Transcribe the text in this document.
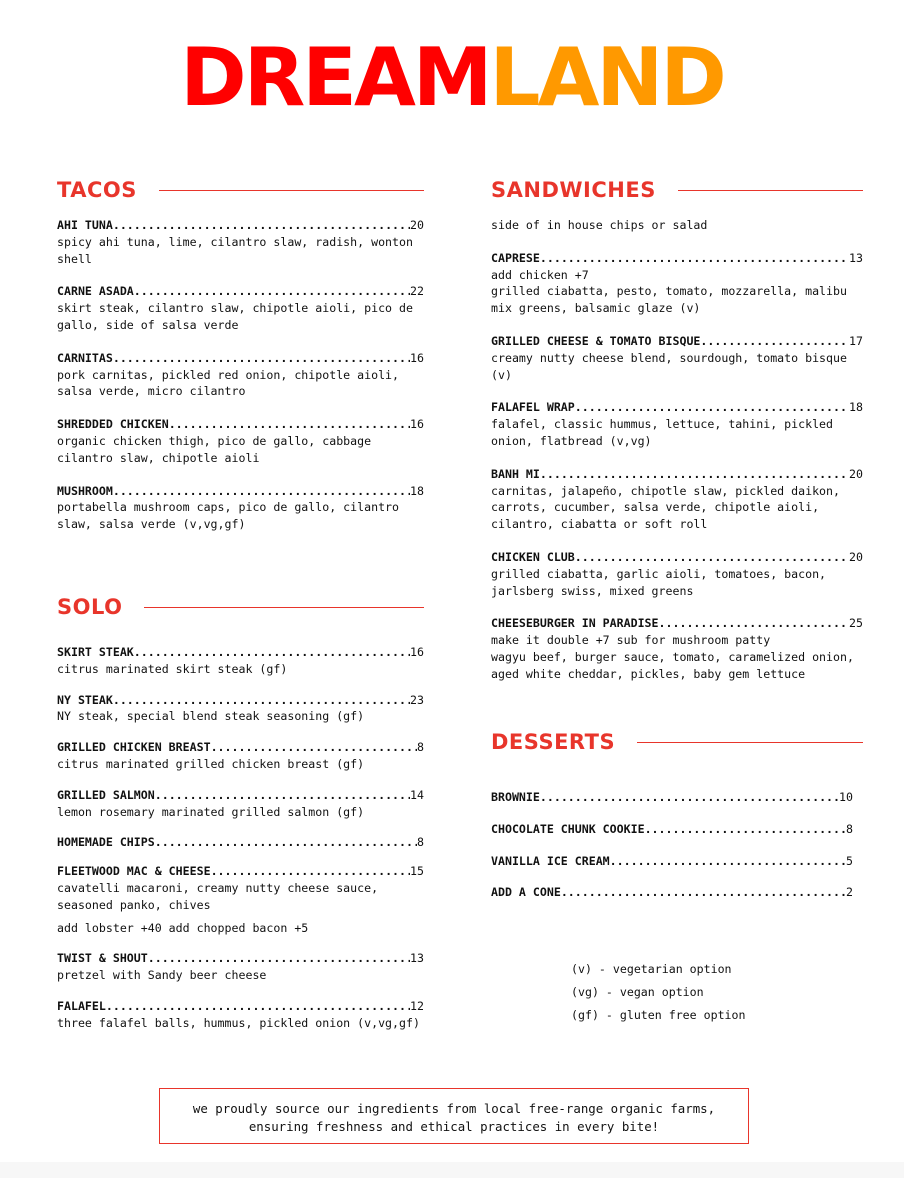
DREAMLAND
TACOS
AHI TUNA .....	20
spicy ahi tuna, lime, cilantro slaw, radish, wonton shell
CARNE ASADA .....	22
skirt steak, cilantro slaw, chipotle aioli, pico de gallo, side of salsa verde
CARNITAS .....	16
pork carnitas, pickled red onion, chipotle aioli, salsa verde, micro cilantro
SHREDDED CHICKEN .....	16
organic chicken thigh, pico de gallo, cabbage cilantro slaw, chipotle aioli
MUSHROOM .....	18
portabella mushroom caps, pico de gallo, cilantro slaw, salsa verde (v,vg,gf)
SOLO
SKIRT STEAK .....	16
citrus marinated skirt steak (gf)
NY STEAK .....	23
NY steak, special blend steak seasoning (gf)
GRILLED CHICKEN BREAST .....	8
citrus marinated grilled chicken breast (gf)
GRILLED SALMON .....	14
lemon rosemary marinated grilled salmon (gf)
HOMEMADE CHIPS .....	8
FLEETWOOD MAC & CHEESE .....	15
cavatelli macaroni, creamy nutty cheese sauce, seasoned panko, chives
add lobster +40 add chopped bacon +5
TWIST & SHOUT .....	13
pretzel with Sandy beer cheese
FALAFEL .....	12
three falafel balls, hummus, pickled onion (v,vg,gf)
SANDWICHES
side of in house chips or salad
CAPRESE .....	13
add chicken +7
grilled ciabatta, pesto, tomato, mozzarella, malibu mix greens, balsamic glaze (v)
GRILLED CHEESE & TOMATO BISQUE .....	17
creamy nutty cheese blend, sourdough, tomato bisque (v)
FALAFEL WRAP .....	18
falafel, classic hummus, lettuce, tahini, pickled onion, flatbread (v,vg)
BANH MI .....	20
carnitas, jalapeño, chipotle slaw, pickled daikon, carrots, cucumber, salsa verde, chipotle aioli, cilantro, ciabatta or soft roll
CHICKEN CLUB .....	20
grilled ciabatta, garlic aioli, tomatoes, bacon, jarlsberg swiss, mixed greens
CHEESEBURGER IN PARADISE .....	25
make it double +7 sub for mushroom patty
wagyu beef, burger sauce, tomato, caramelized onion, aged white cheddar, pickles, baby gem lettuce
DESSERTS
BROWNIE .....	10
CHOCOLATE CHUNK COOKIE .....	8
VANILLA ICE CREAM .....	5
ADD A CONE .....	2
(v) - vegetarian option
(vg) - vegan option
(gf) - gluten free option
we proudly source our ingredients from local free-range organic farms,
ensuring freshness and ethical practices in every bite!
